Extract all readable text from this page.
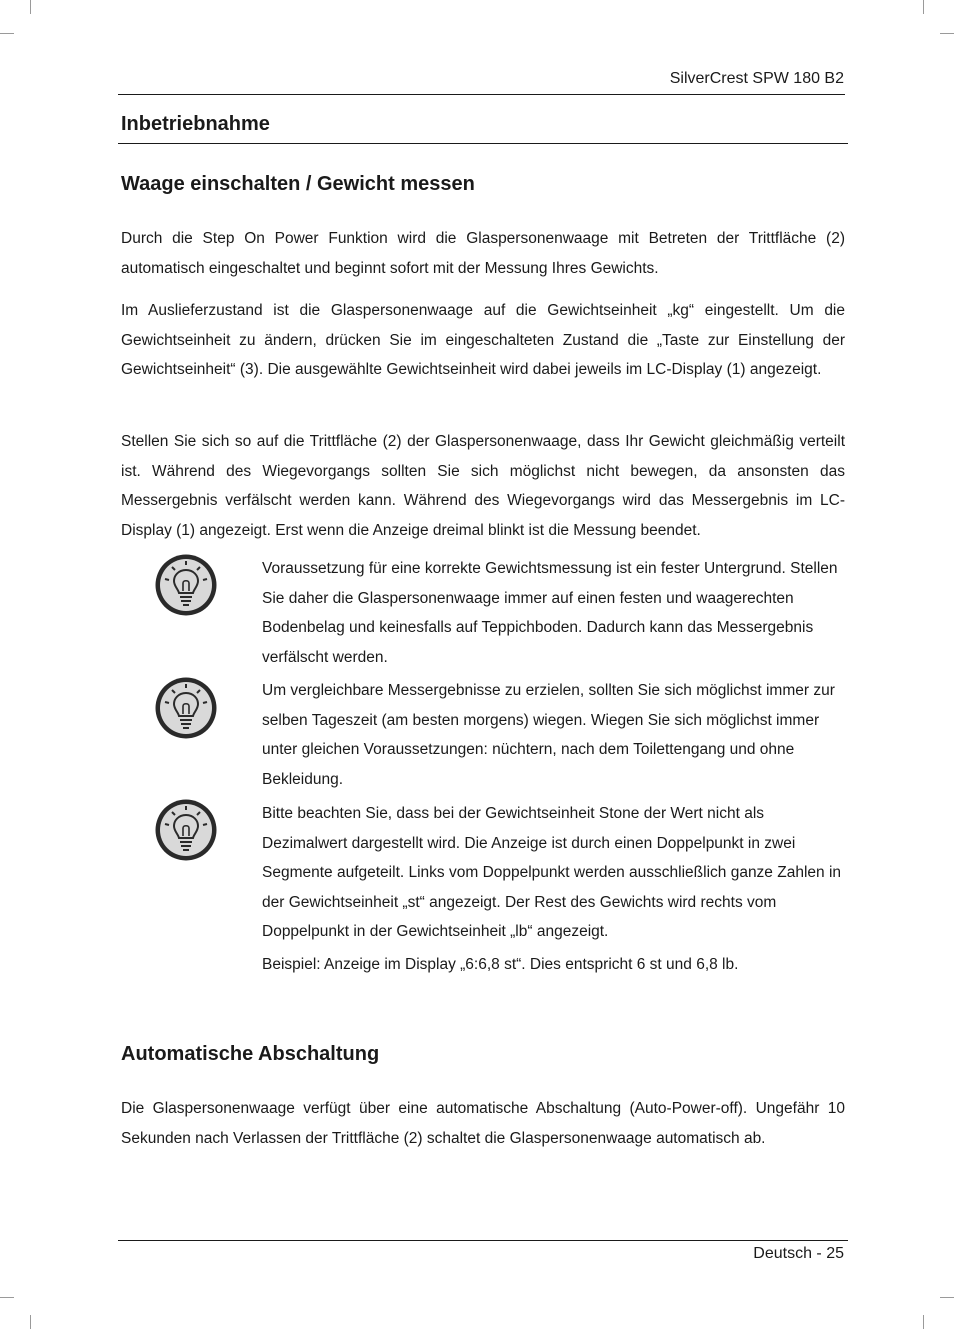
SilverCrest SPW 180 B2
Inbetriebnahme
Waage einschalten / Gewicht messen

Durch die Step On Power Funktion wird die Glaspersonenwaage mit Betreten der Trittfläche (2) automatisch eingeschaltet und beginnt sofort mit der Messung Ihres Gewichts.

Im Auslieferzustand ist die Glaspersonenwaage auf die Gewichtseinheit „kg“ eingestellt. Um die Gewichtseinheit zu ändern, drücken Sie im eingeschalteten Zustand die „Taste zur Einstellung der Gewichtseinheit“ (3). Die ausgewählte Gewichtseinheit wird dabei jeweils im LC-Display (1) angezeigt.

Stellen Sie sich so auf die Trittfläche (2) der Glaspersonenwaage, dass Ihr Gewicht gleichmäßig verteilt ist. Während des Wiegevorgangs sollten Sie sich möglichst nicht bewegen, da ansonsten das Messergebnis verfälscht werden kann. Während des Wiegevorgangs wird das Messergebnis im LC-Display (1) angezeigt. Erst wenn die Anzeige dreimal blinkt ist die Messung beendet.

Voraussetzung für eine korrekte Gewichtsmessung ist ein fester Untergrund. Stellen Sie daher die Glaspersonenwaage immer auf einen festen und waagerechten Bodenbelag und keinesfalls auf Teppichboden. Dadurch kann das Messergebnis verfälscht werden.

Um vergleichbare Messergebnisse zu erzielen, sollten Sie sich möglichst immer zur selben Tageszeit (am besten morgens) wiegen. Wiegen Sie sich möglichst immer unter gleichen Voraussetzungen: nüchtern, nach dem Toilettengang und ohne Bekleidung.

Bitte beachten Sie, dass bei der Gewichtseinheit Stone der Wert nicht als Dezimalwert dargestellt wird. Die Anzeige ist durch einen Doppelpunkt in zwei Segmente aufgeteilt. Links vom Doppelpunkt werden ausschließlich ganze Zahlen in der Gewichtseinheit „st“ angezeigt. Der Rest des Gewichts wird rechts vom Doppelpunkt in der Gewichtseinheit „lb“ angezeigt.

Beispiel: Anzeige im Display „6:6,8 st“. Dies entspricht 6 st und 6,8 lb.

Automatische Abschaltung

Die Glaspersonenwaage verfügt über eine automatische Abschaltung (Auto-Power-off). Ungefähr 10 Sekunden nach Verlassen der Trittfläche (2) schaltet die Glaspersonenwaage automatisch ab.

Deutsch - 25
